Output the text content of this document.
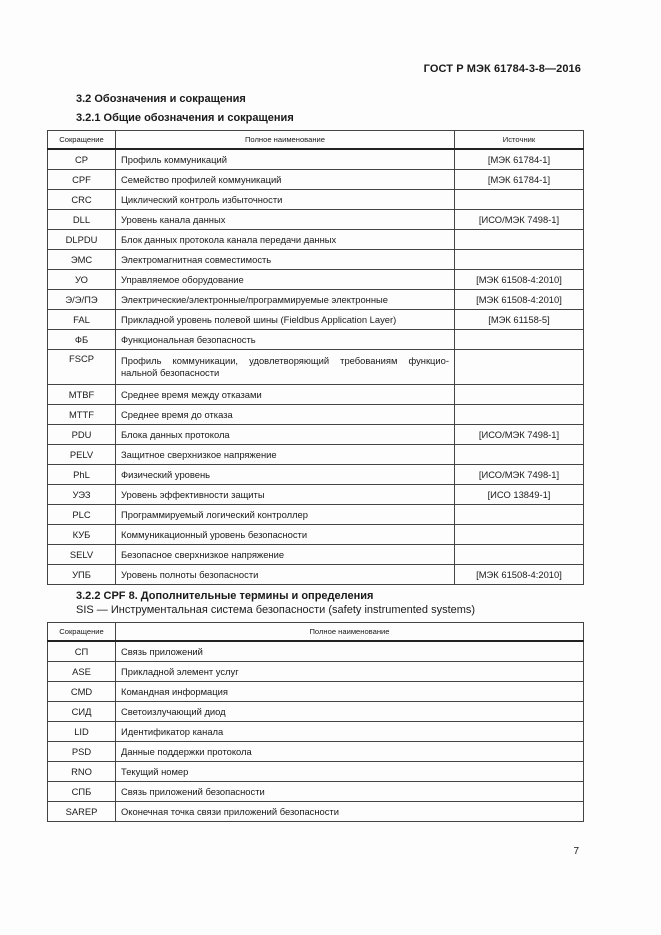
ГОСТ Р МЭК 61784-3-8—2016
3.2 Обозначения и сокращения
3.2.1 Общие обозначения и сокращения
Сокращение	Полное наименование	Источник
CP	Профиль коммуникаций	[МЭК 61784-1]
CPF	Семейство профилей коммуникаций	[МЭК 61784-1]
CRC	Циклический контроль избыточности	
DLL	Уровень канала данных	[ИСО/МЭК 7498-1]
DLPDU	Блок данных протокола канала передачи данных	
ЭМС	Электромагнитная совместимость	
УО	Управляемое оборудование	[МЭК 61508-4:2010]
Э/Э/ПЭ	Электрические/электронные/программируемые электронные	[МЭК 61508-4:2010]
FAL	Прикладной уровень полевой шины (Fieldbus Application Layer)	[МЭК 61158-5]
ФБ	Функциональная безопасность	
FSCP	Профиль коммуникации, удовлетворяющий требованиям функцио-нальной безопасности	
MTBF	Среднее время между отказами	
MTTF	Среднее время до отказа	
PDU	Блока данных протокола	[ИСО/МЭК 7498-1]
PELV	Защитное сверхнизкое напряжение	
PhL	Физический уровень	[ИСО/МЭК 7498-1]
УЭЗ	Уровень эффективности защиты	[ИСО 13849-1]
PLC	Программируемый логический контроллер	
КУБ	Коммуникационный уровень безопасности	
SELV	Безопасное сверхнизкое напряжение	
УПБ	Уровень полноты безопасности	[МЭК 61508-4:2010]
3.2.2 CPF 8. Дополнительные термины и определения
SIS — Инструментальная система безопасности (safety instrumented systems)
Сокращение	Полное наименование
СП	Связь приложений
ASE	Прикладной элемент услуг
CMD	Командная информация
СИД	Светоизлучающий диод
LID	Идентификатор канала
PSD	Данные поддержки протокола
RNO	Текущий номер
СПБ	Связь приложений безопасности
SAREP	Оконечная точка связи приложений безопасности
7
